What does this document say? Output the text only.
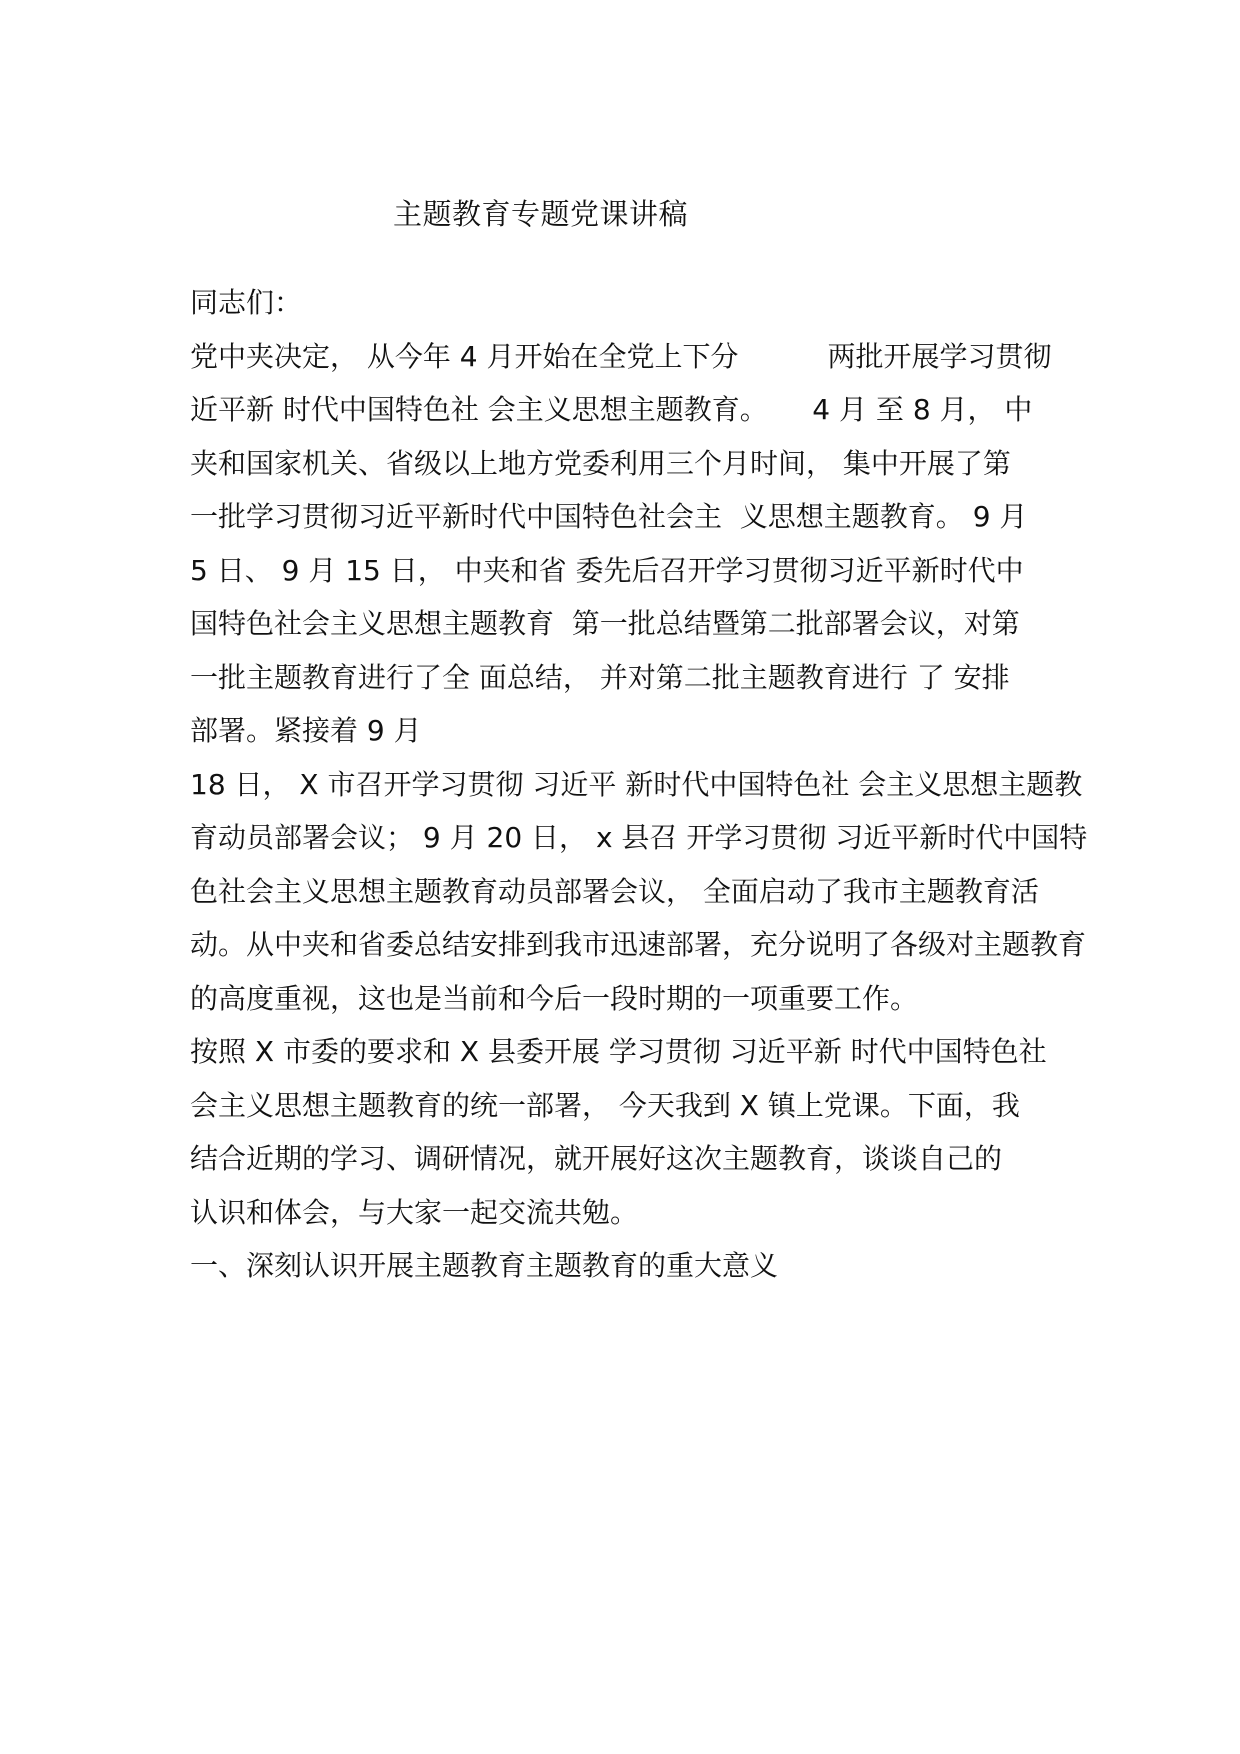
主题教育专题党课讲稿
同志们：
党中夹决定， 从今年 4 月开始在全党上下分          两批开展学习贯彻
近平新 时代中国特色社 会主义思想主题教育。     4 月 至 8 月， 中
夹和国家机关、省级以上地方党委利用三个月时间， 集中开展了第
一批学习贯彻习近平新时代中国特色社会主  义思想主题教育。 9 月
5 日、 9 月 15 日， 中夹和省 委先后召开学习贯彻习近平新时代中
国特色社会主义思想主题教育  第一批总结暨第二批部署会议，对第
一批主题教育进行了全 面总结， 并对第二批主题教育进行 了 安排
部署。紧接着 9 月
18 日， X 市召开学习贯彻 习近平 新时代中国特色社 会主义思想主题教
育动员部署会议； 9 月 20 日， x 县召 开学习贯彻 习近平新时代中国特
色社会主义思想主题教育动员部署会议， 全面启动了我市主题教育活
动。从中夹和省委总结安排到我市迅速部署，充分说明了各级对主题教育
的高度重视，这也是当前和今后一段时期的一项重要工作。
按照 X 市委的要求和 X 县委开展 学习贯彻 习近平新 时代中国特色社
会主义思想主题教育的统一部署， 今天我到 X 镇上党课。下面，我
结合近期的学习、调研情况，就开展好这次主题教育，谈谈自己的
认识和体会，与大家一起交流共勉。
一、深刻认识开展主题教育主题教育的重大意义
